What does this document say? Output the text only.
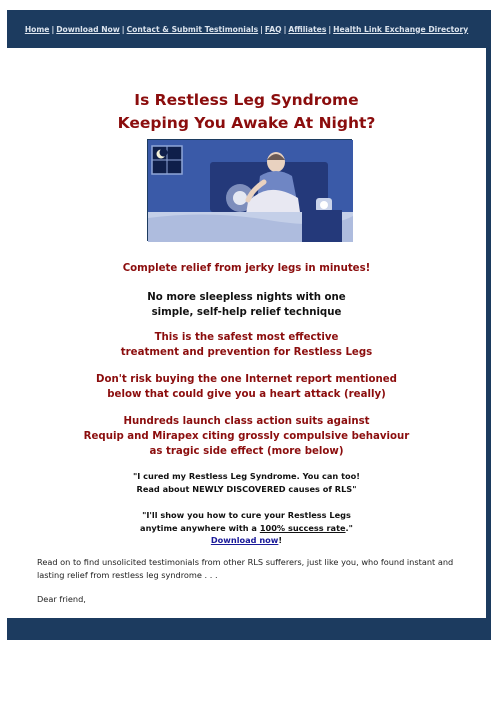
Home | Download Now | Contact & Submit Testimonials | FAQ | Affiliates | Health Link Exchange Directory
Is Restless Leg Syndrome
Keeping You Awake At Night?
Complete relief from jerky legs in minutes!
No more sleepless nights with one
simple, self-help relief technique
This is the safest most effective
treatment and prevention for Restless Legs
Don't risk buying the one Internet report mentioned
below that could give you a heart attack (really)
Hundreds launch class action suits against
Requip and Mirapex citing grossly compulsive behaviour
as tragic side effect (more below)
"I cured my Restless Leg Syndrome. You can too!
Read about NEWLY DISCOVERED causes of RLS"
"I'll show you how to cure your Restless Legs
anytime anywhere with a 100% success rate."
Download now!
Read on to find unsolicited testimonials from other RLS sufferers, just like you, who found instant and lasting relief from restless leg syndrome . . .
Dear friend,
